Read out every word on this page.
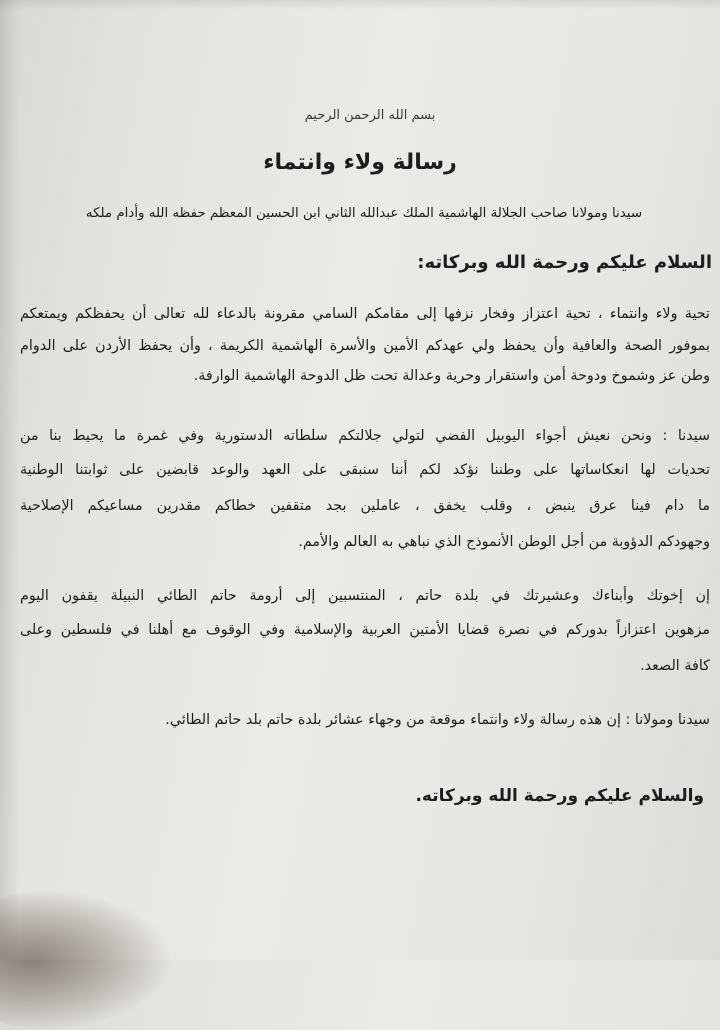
بسم الله الرحمن الرحيم

رسالة ولاء وانتماء

سيدنا ومولانا صاحب الجلالة الهاشمية الملك عبدالله الثاني ابن الحسين المعظم حفظه الله وأدام ملكه

السلام عليكم ورحمة الله وبركاته:

تحية ولاء وانتماء ، تحية اعتزاز وفخار نزفها إلى مقامكم السامي مقرونة بالدعاء لله تعالى أن يحفظكم ويمتعكم

بموفور الصحة والعافية وأن يحفظ ولي عهدكم الأمين والأسرة الهاشمية الكريمة ، وأن يحفظ الأردن على الدوام

وطن عز وشموخ ودوحة أمن واستقرار وحرية وعدالة تحت ظل الدوحة الهاشمية الوارفة.

سيدنا : ونحن نعيش أجواء اليوبيل الفضي لتولي جلالتكم سلطاته الدستورية وفي غمرة ما يحيط بنا من

تحديات لها انعكاساتها على وطننا نؤكد لكم أننا سنبقى على العهد والوعد قابضين على ثوابتنا الوطنية

ما دام فينا عرق ينبض ، وقلب يخفق ، عاملين بجد متقفين خطاكم مقدرين مساعيكم الإصلاحية

وجهودكم الدؤوبة من أجل الوطن الأنموذج الذي نباهي به العالم والأمم.

إن إخوتك وأبناءك وعشيرتك في بلدة حاتم ، المنتسبين إلى أرومة حاتم الطائي النبيلة يقفون اليوم

مزهوين اعتزازاً بدوركم في نصرة قضايا الأمتين العربية والإسلامية وفي الوقوف مع أهلنا في فلسطين وعلى

كافة الصعد.

سيدنا ومولانا : إن هذه رسالة ولاء وانتماء موقعة من وجهاء عشائر بلدة حاتم بلد حاتم الطائي.

والسلام عليكم ورحمة الله وبركاته.
